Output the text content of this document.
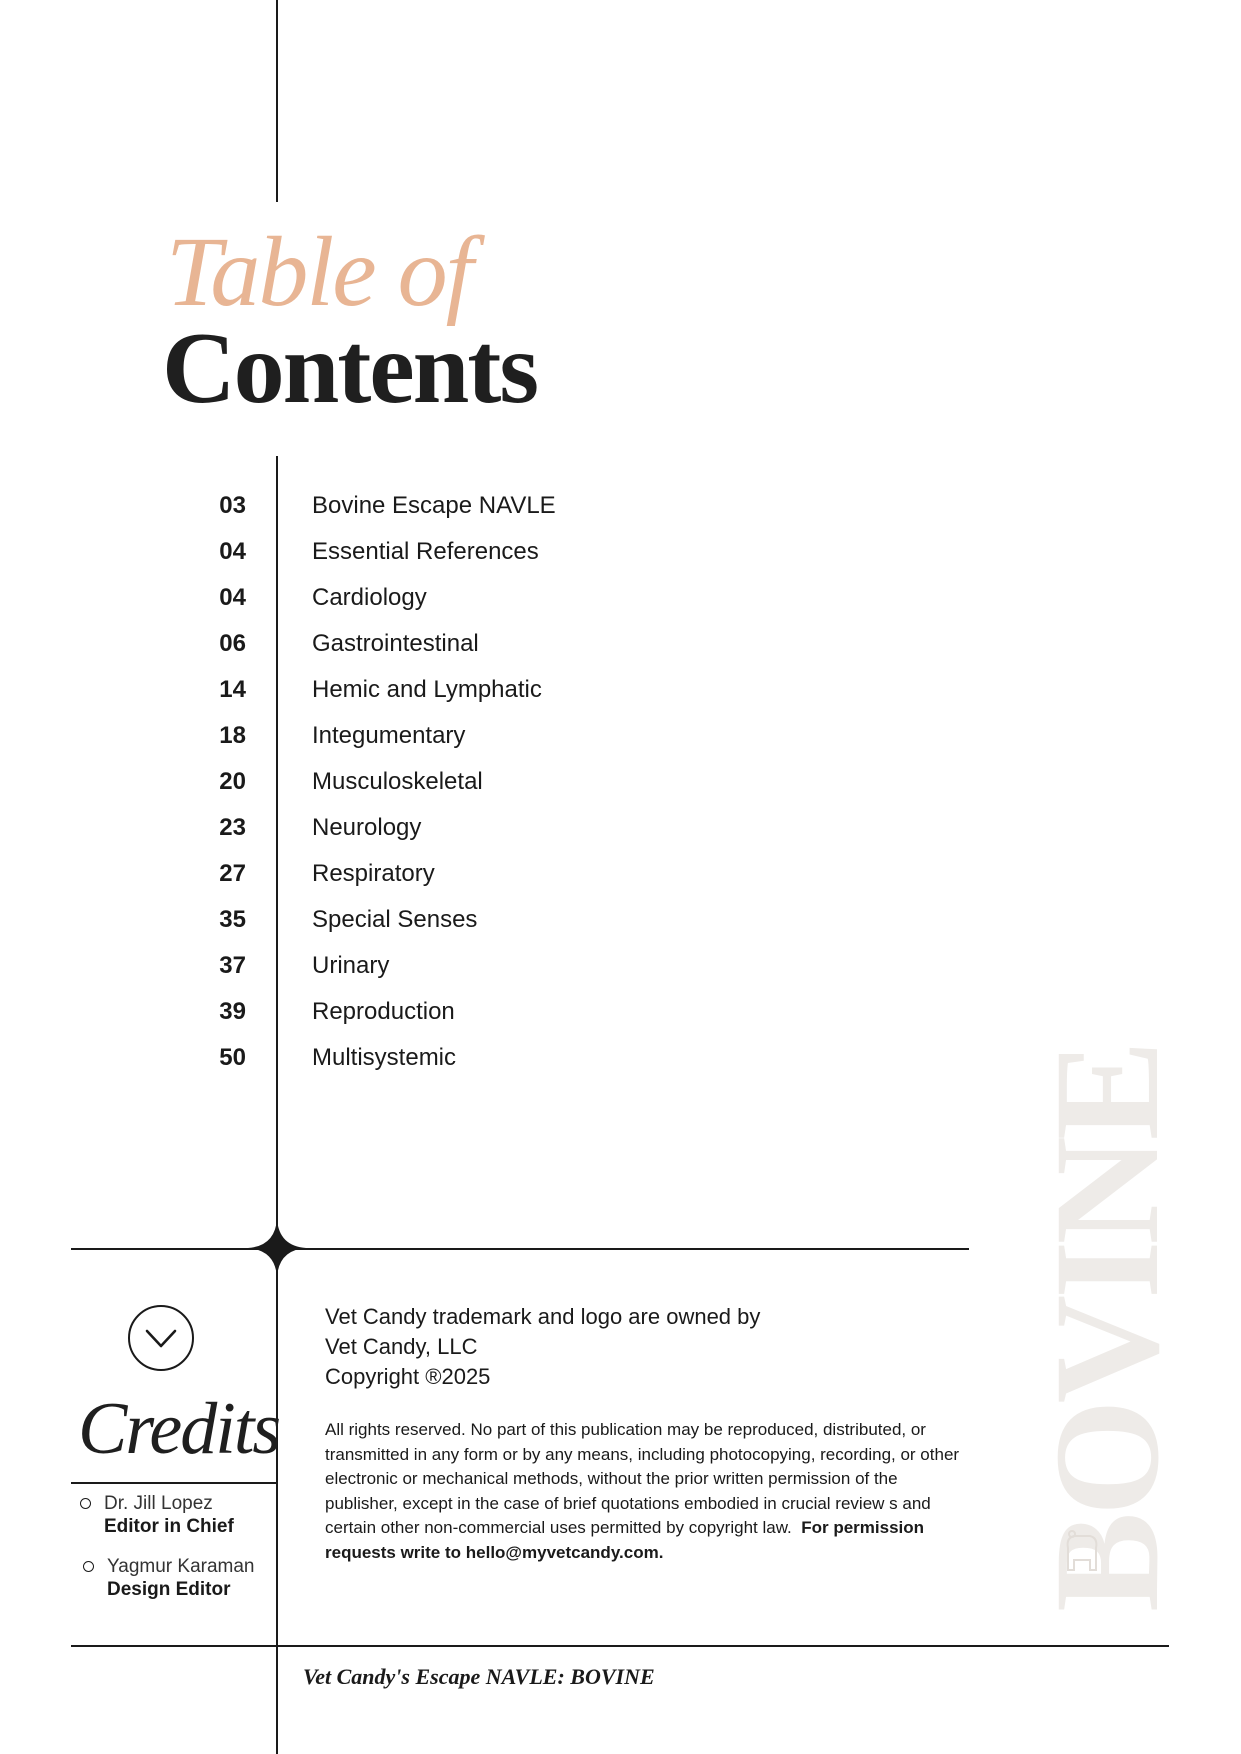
BOVINE
Table of
Contents
03	Bovine Escape NAVLE
04	Essential References
04	Cardiology
06	Gastrointestinal
14	Hemic and Lymphatic
18	Integumentary
20	Musculoskeletal
23	Neurology
27	Respiratory
35	Special Senses
37	Urinary
39	Reproduction
50	Multisystemic
Credits
Dr. Jill Lopez
Editor in Chief
Yagmur Karaman
Design Editor
Vet Candy trademark and logo are owned by
Vet Candy, LLC
Copyright ®2025
All rights reserved. No part of this publication may be reproduced, distributed, or transmitted in any form or by any means, including photocopying, recording, or other electronic or mechanical methods, without the prior written permission of the publisher, except in the case of brief quotations embodied in crucial review s and certain other non-commercial uses permitted by copyright law. For permission requests write to hello@myvetcandy.com.
Vet Candy's Escape NAVLE: BOVINE
